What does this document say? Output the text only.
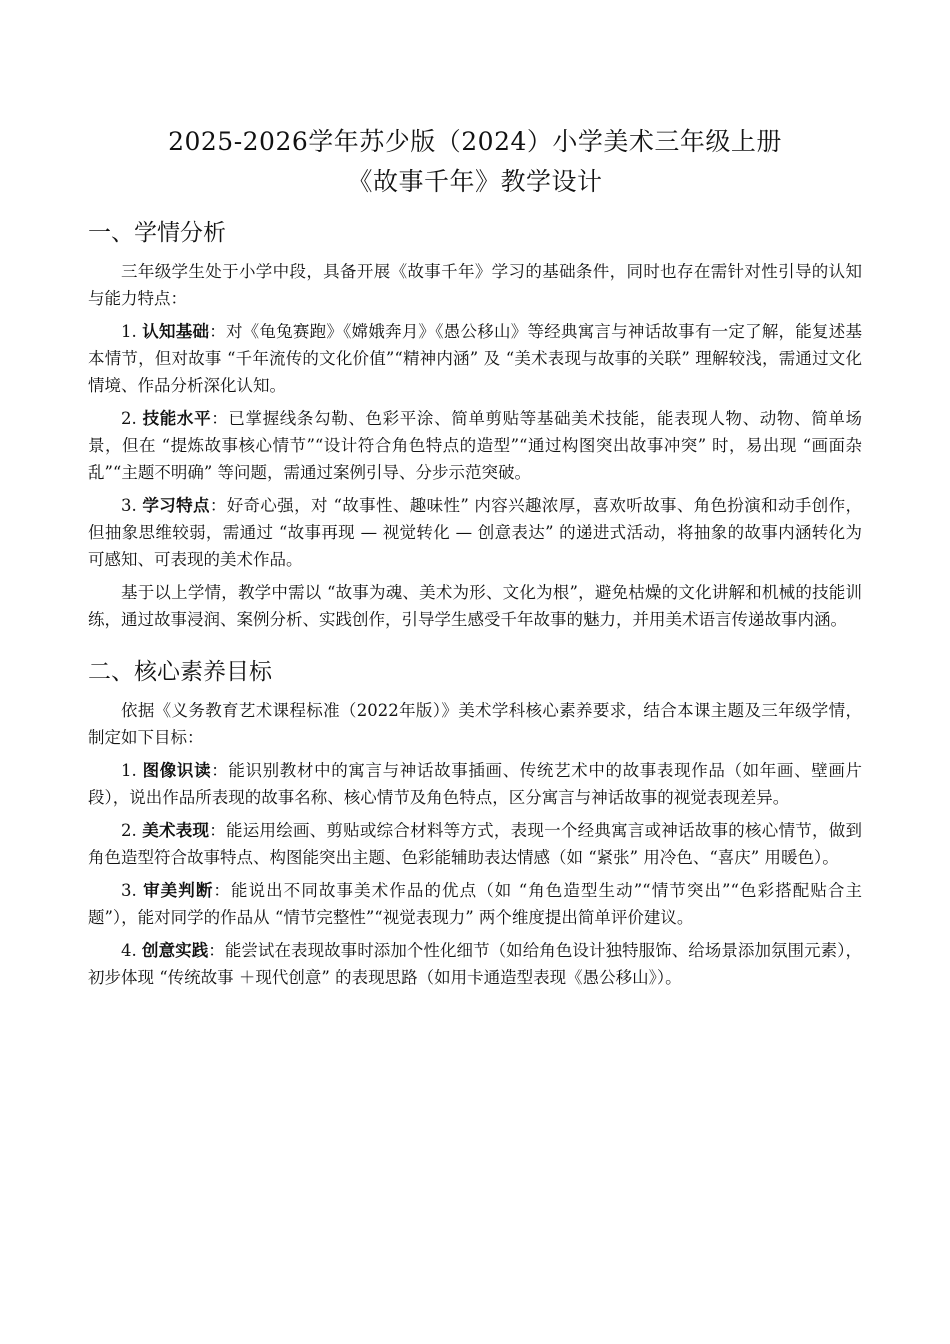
2025-2026学年苏少版（2024）小学美术三年级上册
《故事千年》教学设计
一、学情分析

三年级学生处于小学中段，具备开展《故事千年》学习的基础条件，同时也存在需针对性引导的认知与能力特点：

1. 认知基础：对《龟兔赛跑》《嫦娥奔月》《愚公移山》等经典寓言与神话故事有一定了解，能复述基本情节，但对故事 “千年流传的文化价值”“精神内涵” 及 “美术表现与故事的关联” 理解较浅，需通过文化情境、作品分析深化认知。

2. 技能水平：已掌握线条勾勒、色彩平涂、简单剪贴等基础美术技能，能表现人物、动物、简单场景，但在 “提炼故事核心情节”“设计符合角色特点的造型”“通过构图突出故事冲突” 时，易出现 “画面杂乱”“主题不明确” 等问题，需通过案例引导、分步示范突破。

3. 学习特点：好奇心强，对 “故事性、趣味性” 内容兴趣浓厚，喜欢听故事、角色扮演和动手创作，但抽象思维较弱，需通过 “故事再现 — 视觉转化 — 创意表达” 的递进式活动，将抽象的故事内涵转化为可感知、可表现的美术作品。

基于以上学情，教学中需以 “故事为魂、美术为形、文化为根”，避免枯燥的文化讲解和机械的技能训练，通过故事浸润、案例分析、实践创作，引导学生感受千年故事的魅力，并用美术语言传递故事内涵。

二、核心素养目标

依据《义务教育艺术课程标准（2022年版）》美术学科核心素养要求，结合本课主题及三年级学情，制定如下目标：

1. 图像识读：能识别教材中的寓言与神话故事插画、传统艺术中的故事表现作品（如年画、壁画片段），说出作品所表现的故事名称、核心情节及角色特点，区分寓言与神话故事的视觉表现差异。

2. 美术表现：能运用绘画、剪贴或综合材料等方式，表现一个经典寓言或神话故事的核心情节，做到角色造型符合故事特点、构图能突出主题、色彩能辅助表达情感（如 “紧张” 用冷色、“喜庆” 用暖色）。

3. 审美判断：能说出不同故事美术作品的优点（如 “角色造型生动”“情节突出”“色彩搭配贴合主题”），能对同学的作品从 “情节完整性”“视觉表现力” 两个维度提出简单评价建议。

4. 创意实践：能尝试在表现故事时添加个性化细节（如给角色设计独特服饰、给场景添加氛围元素），初步体现 “传统故事 ＋现代创意” 的表现思路（如用卡通造型表现《愚公移山》）。
